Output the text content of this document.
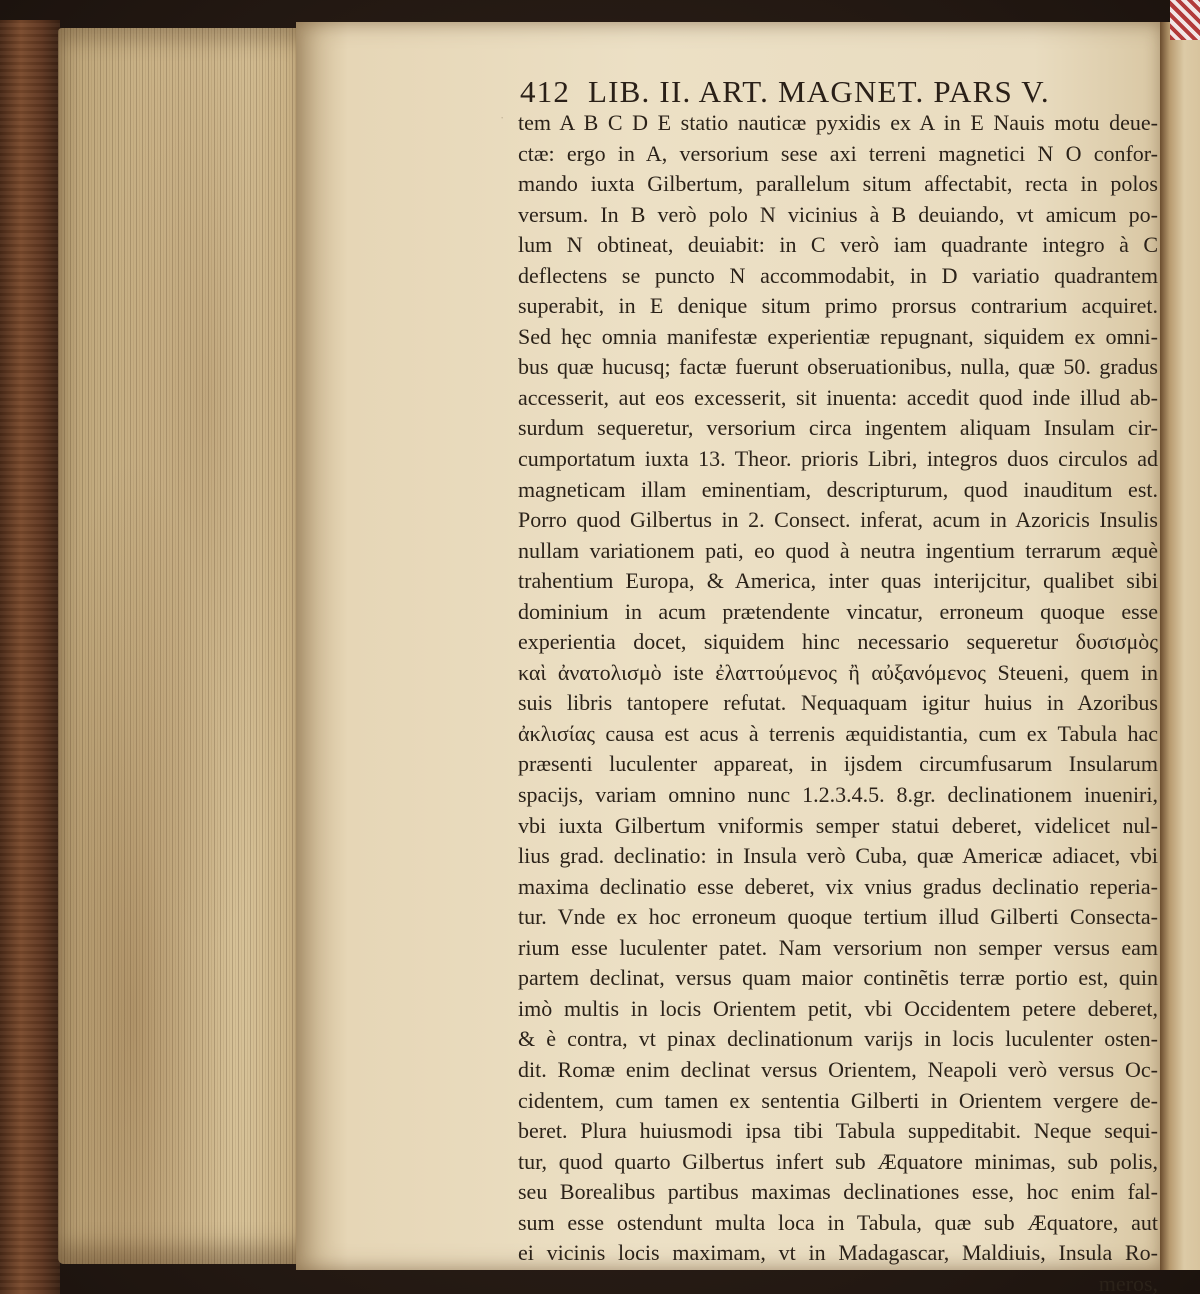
·
412 LIB. II. ART. MAGNET. PARS V.
tem A B C D E statio nauticæ pyxidis ex A in E Nauis motu deue-
ctæ: ergo in A, versorium sese axi terreni magnetici N O confor-
mando iuxta Gilbertum, parallelum situm affectabit, recta in polos
versum. In B verò polo N vicinius à B deuiando, vt amicum po-
lum N obtineat, deuiabit: in C verò iam quadrante integro à C
deflectens se puncto N accommodabit, in D variatio quadrantem
superabit, in E denique situm primo prorsus contrarium acquiret.
Sed hęc omnia manifestæ experientiæ repugnant, siquidem ex omni-
bus quæ hucusq; factæ fuerunt obseruationibus, nulla, quæ 50. gradus
accesserit, aut eos excesserit, sit inuenta: accedit quod inde illud ab-
surdum sequeretur, versorium circa ingentem aliquam Insulam cir-
cumportatum iuxta 13. Theor. prioris Libri, integros duos circulos ad
magneticam illam eminentiam, descripturum, quod inauditum est.
Porro quod Gilbertus in 2. Consect. inferat, acum in Azoricis Insulis
nullam variationem pati, eo quod à neutra ingentium terrarum æquè
trahentium Europa, & America, inter quas interijcitur, qualibet sibi
dominium in acum prætendente vincatur, erroneum quoque esse
experientia docet, siquidem hinc necessario sequeretur δυσισμὸς
καὶ ἀνατολισμὸ iste ἐλαττούμενος ἢ αὐξανόμενος Steueni, quem in
suis libris tantopere refutat. Nequaquam igitur huius in Azoribus
ἀκλισίας causa est acus à terrenis æquidistantia, cum ex Tabula hac
præsenti luculenter appareat, in ijsdem circumfusarum Insularum
spacijs, variam omnino nunc 1.2.3.4.5. 8.gr. declinationem inueniri,
vbi iuxta Gilbertum vniformis semper statui deberet, videlicet nul-
lius grad. declinatio: in Insula verò Cuba, quæ Americæ adiacet, vbi
maxima declinatio esse deberet, vix vnius gradus declinatio reperia-
tur. Vnde ex hoc erroneum quoque tertium illud Gilberti Consecta-
rium esse luculenter patet. Nam versorium non semper versus eam
partem declinat, versus quam maior continẽtis terræ portio est, quin
imò multis in locis Orientem petit, vbi Occidentem petere deberet,
& è contra, vt pinax declinationum varijs in locis luculenter osten-
dit. Romæ enim declinat versus Orientem, Neapoli verò versus Oc-
cidentem, cum tamen ex sententia Gilberti in Orientem vergere de-
beret. Plura huiusmodi ipsa tibi Tabula suppeditabit. Neque sequi-
tur, quod quarto Gilbertus infert sub Æquatore minimas, sub polis,
seu Borealibus partibus maximas declinationes esse, hoc enim fal-
sum esse ostendunt multa loca in Tabula, quæ sub Æquatore, aut
ei vicinis locis maximam, vt in Madagascar, Maldiuis, Insula Ro-
meros,
